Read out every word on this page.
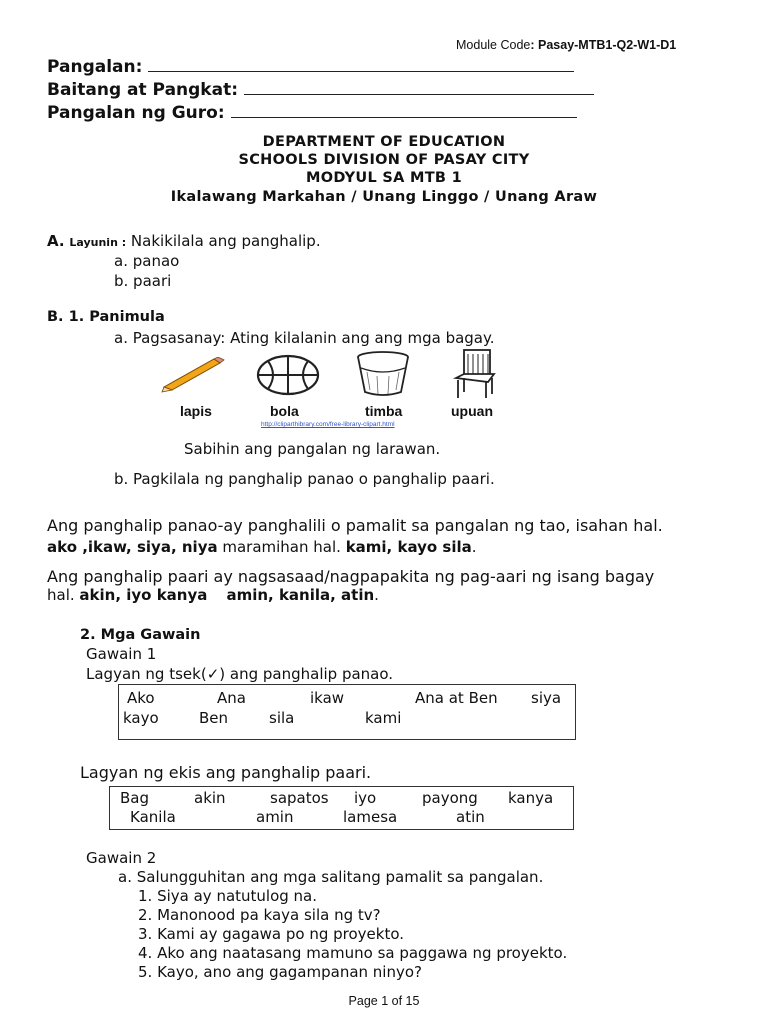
Module Code: Pasay-MTB1-Q2-W1-D1
Pangalan:
Baitang at Pangkat:
Pangalan ng Guro:
DEPARTMENT OF EDUCATION
SCHOOLS DIVISION OF PASAY CITY
MODYUL SA MTB 1
Ikalawang Markahan / Unang Linggo / Unang Araw
A. Layunin : Nakikilala ang panghalip.
a. panao
b. paari
B. 1. Panimula
a. Pagsasanay: Ating kilalanin ang ang mga bagay.
lapis	bola	timba	upuan
http://cliparthibrary.com/free-library-clipart.html
Sabihin ang pangalan ng larawan.
b. Pagkilala ng panghalip panao o panghalip paari.
Ang panghalip panao-ay panghalili o pamalit sa pangalan ng tao, isahan hal.
ako ,ikaw, siya, niya maramihan hal. kami, kayo sila.
Ang panghalip paari ay nagsasaad/nagpapakita ng pag-aari ng isang bagay
hal. akin, iyo kanya amin, kanila, atin.
2. Mga Gawain
Gawain 1
Lagyan ng tsek(✓) ang panghalip panao.
Ako	Ana	ikaw	Ana at Ben siya
kayo	Ben	sila	kami
Lagyan ng ekis ang panghalip paari.
Bag	akin	sapatos iyo	payong kanya
Kanila	amin	lamesa	atin
Gawain 2
a. Salungguhitan ang mga salitang pamalit sa pangalan.
1. Siya ay natutulog na.
2. Manonood pa kaya sila ng tv?
3. Kami ay gagawa po ng proyekto.
4. Ako ang naatasang mamuno sa paggawa ng proyekto.
5. Kayo, ano ang gagampanan ninyo?
Page 1 of 15
